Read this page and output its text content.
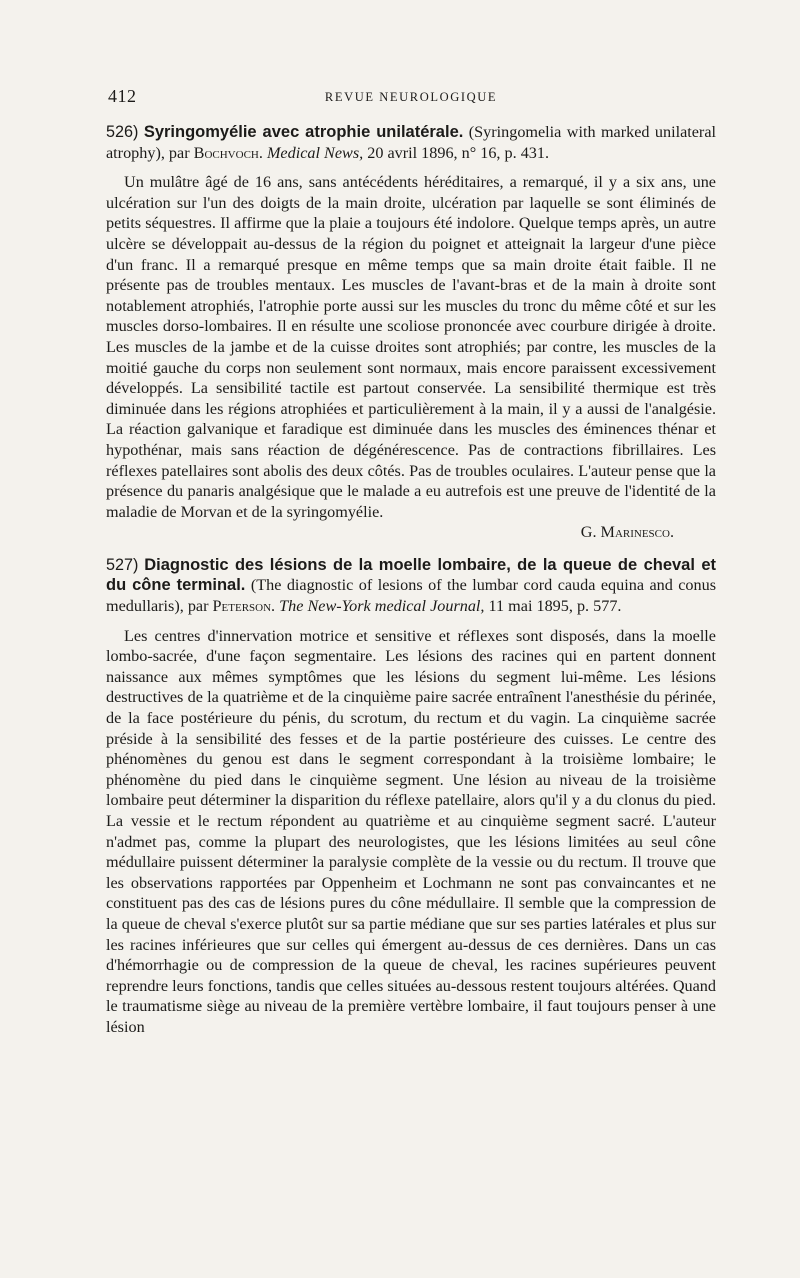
412	REVUE NEUROLOGIQUE

526) Syringomyélie avec atrophie unilatérale. (Syringomelia with marked unilateral atrophy), par Bochvoch. Medical News, 20 avril 1896, n° 16, p. 431.

Un mulâtre âgé de 16 ans, sans antécédents héréditaires, a remarqué, il y a six ans, une ulcération sur l'un des doigts de la main droite, ulcération par laquelle se sont éliminés de petits séquestres. Il affirme que la plaie a toujours été indolore. Quelque temps après, un autre ulcère se développait au-dessus de la région du poignet et atteignait la largeur d'une pièce d'un franc. Il a remarqué presque en même temps que sa main droite était faible. Il ne présente pas de troubles mentaux. Les muscles de l'avant-bras et de la main à droite sont notablement atrophiés, l'atrophie porte aussi sur les muscles du tronc du même côté et sur les muscles dorso-lombaires. Il en résulte une scoliose prononcée avec courbure dirigée à droite. Les muscles de la jambe et de la cuisse droites sont atrophiés; par contre, les muscles de la moitié gauche du corps non seulement sont normaux, mais encore paraissent excessivement développés. La sensibilité tactile est partout conservée. La sensibilité thermique est très diminuée dans les régions atrophiées et particulièrement à la main, il y a aussi de l'analgésie. La réaction galvanique et faradique est diminuée dans les muscles des éminences thénar et hypothénar, mais sans réaction de dégénérescence. Pas de contractions fibrillaires. Les réflexes patellaires sont abolis des deux côtés. Pas de troubles oculaires. L'auteur pense que la présence du panaris analgésique que le malade a eu autrefois est une preuve de l'identité de la maladie de Morvan et de la syringomyélie.

G. Marinesco.

527) Diagnostic des lésions de la moelle lombaire, de la queue de cheval et du cône terminal. (The diagnostic of lesions of the lumbar cord cauda equina and conus medullaris), par Peterson. The New-York medical Journal, 11 mai 1895, p. 577.

Les centres d'innervation motrice et sensitive et réflexes sont disposés, dans la moelle lombo-sacrée, d'une façon segmentaire. Les lésions des racines qui en partent donnent naissance aux mêmes symptômes que les lésions du segment lui-même. Les lésions destructives de la quatrième et de la cinquième paire sacrée entraînent l'anesthésie du périnée, de la face postérieure du pénis, du scrotum, du rectum et du vagin. La cinquième sacrée préside à la sensibilité des fesses et de la partie postérieure des cuisses. Le centre des phénomènes du genou est dans le segment correspondant à la troisième lombaire; le phénomène du pied dans le cinquième segment. Une lésion au niveau de la troisième lombaire peut déterminer la disparition du réflexe patellaire, alors qu'il y a du clonus du pied. La vessie et le rectum répondent au quatrième et au cinquième segment sacré. L'auteur n'admet pas, comme la plupart des neurologistes, que les lésions limitées au seul cône médullaire puissent déterminer la paralysie complète de la vessie ou du rectum. Il trouve que les observations rapportées par Oppenheim et Lochmann ne sont pas convaincantes et ne constituent pas des cas de lésions pures du cône médullaire. Il semble que la compression de la queue de cheval s'exerce plutôt sur sa partie médiane que sur ses parties latérales et plus sur les racines inférieures que sur celles qui émergent au-dessus de ces dernières. Dans un cas d'hémorrhagie ou de compression de la queue de cheval, les racines supérieures peuvent reprendre leurs fonctions, tandis que celles situées au-dessous restent toujours altérées. Quand le traumatisme siège au niveau de la première vertèbre lombaire, il faut toujours penser à une lésion
